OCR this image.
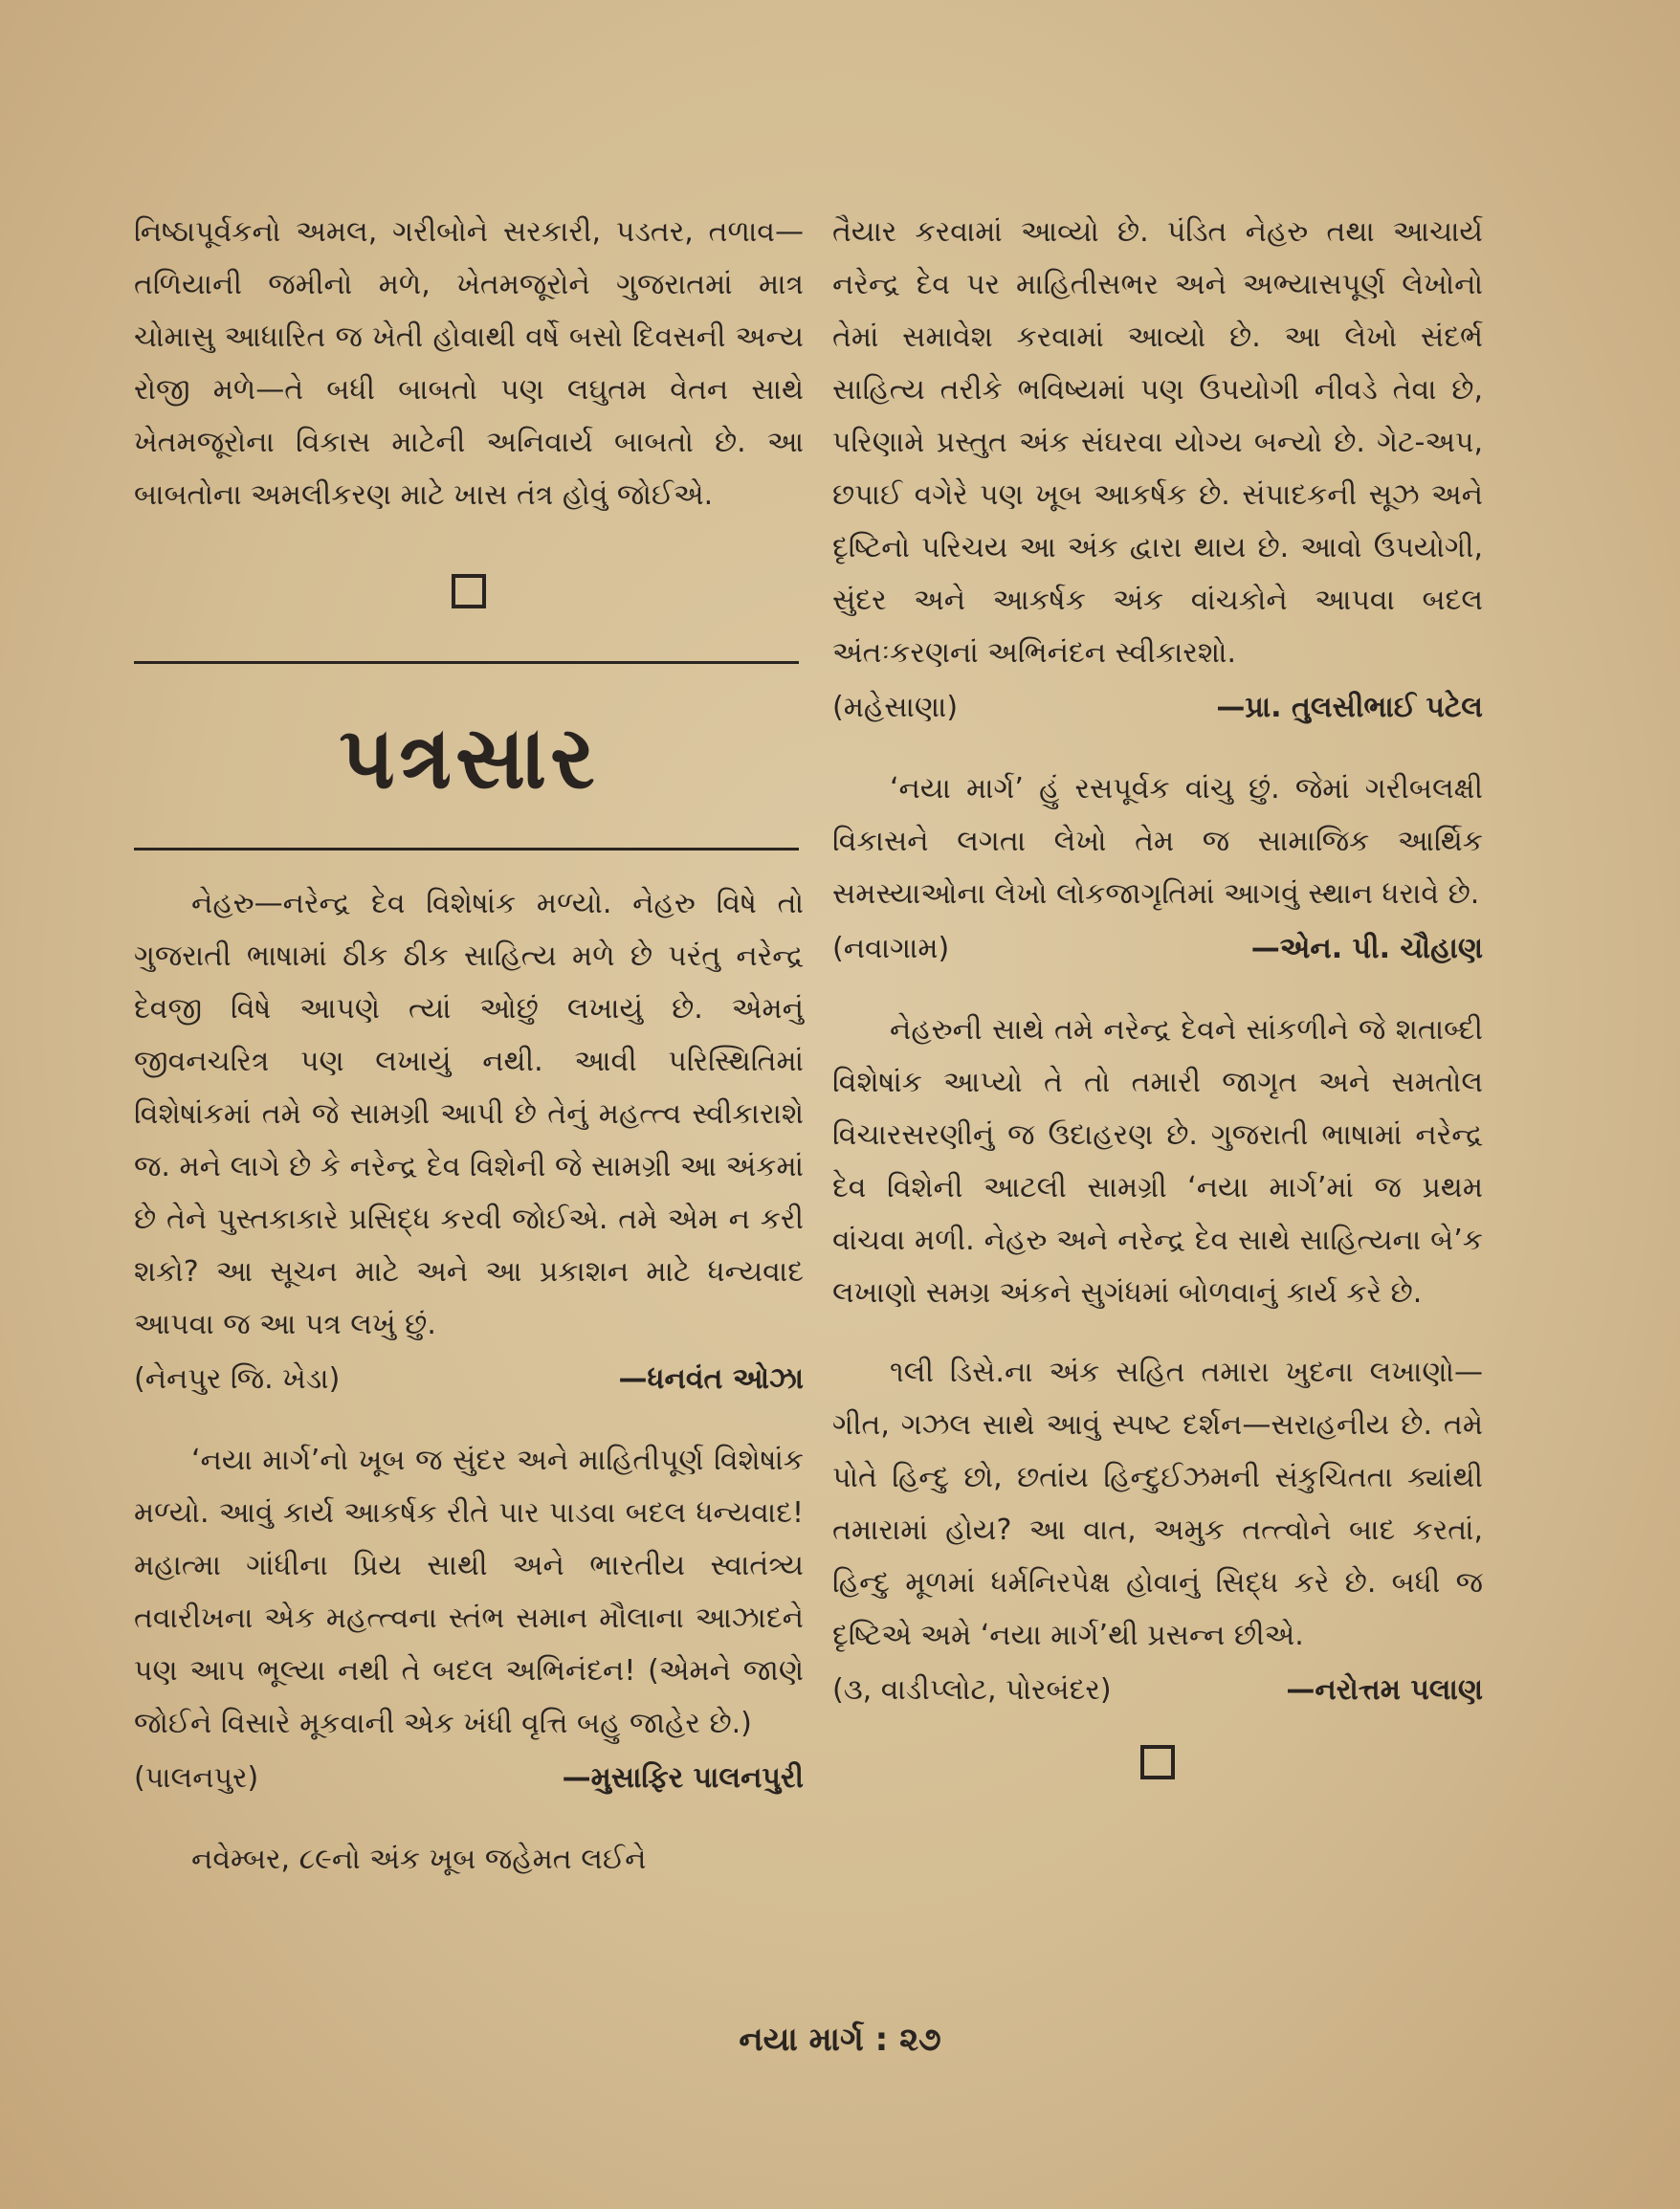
નિષ્ઠાપૂર્વકનો અમલ, ગરીબોને સરકારી, પડતર, તળાવ—તળિયાની જમીનો મળે, ખેતમજૂરોને ગુજરાતમાં માત્ર ચોમાસુ આધારિત જ ખેતી હોવાથી વર્ષે બસો દિવસની અન્ય રોજી મળે—તે બધી બાબતો પણ લઘુતમ વેતન સાથે ખેતમજૂરોના વિકાસ માટેની અનિવાર્ય બાબતો છે. આ બાબતોના અમલીકરણ માટે ખાસ તંત્ર હોવું જોઈએ.

પત્રસાર

નેહરુ—નરેન્દ્ર દેવ વિશેષાંક મળ્યો. નેહરુ વિષે તો ગુજરાતી ભાષામાં ઠીક ઠીક સાહિત્ય મળે છે પરંતુ નરેન્દ્ર દેવજી વિષે આપણે ત્યાં ઓછું લખાયું છે. એમનું જીવનચરિત્ર પણ લખાયું નથી. આવી પરિસ્થિતિમાં વિશેષાંકમાં તમે જે સામગ્રી આપી છે તેનું મહત્ત્વ સ્વીકારાશે જ. મને લાગે છે કે નરેન્દ્ર દેવ વિશેની જે સામગ્રી આ અંકમાં છે તેને પુસ્તકાકારે પ્રસિદ્ધ કરવી જોઈએ. તમે એમ ન કરી શકો? આ સૂચન માટે અને આ પ્રકાશન માટે ધન્યવાદ આપવા જ આ પત્ર લખું છું.

(નેનપુર જિ. ખેડા)	—ધનવંત ઓઝા

‘નયા માર્ગ’નો ખૂબ જ સુંદર અને માહિતીપૂર્ણ વિશેષાંક મળ્યો. આવું કાર્ય આકર્ષક રીતે પાર પાડવા બદલ ધન્યવાદ! મહાત્મા ગાંધીના પ્રિય સાથી અને ભારતીય સ્વાતંત્ર્ય તવારીખના એક મહત્ત્વના સ્તંભ સમાન મૌલાના આઝાદને પણ આપ ભૂલ્યા નથી તે બદલ અભિનંદન! (એમને જાણે જોઈને વિસારે મૂકવાની એક ખંધી વૃત્તિ બહુ જાહેર છે.)

(પાલનપુર)	—મુસાફિર પાલનપુરી

નવેમ્બર, ૮૯નો અંક ખૂબ જહેમત લઈને

તૈયાર કરવામાં આવ્યો છે. પંડિત નેહરુ તથા આચાર્ય નરેન્દ્ર દેવ પર માહિતીસભર અને અભ્યાસપૂર્ણ લેખોનો તેમાં સમાવેશ કરવામાં આવ્યો છે. આ લેખો સંદર્ભ સાહિત્ય તરીકે ભવિષ્યમાં પણ ઉપયોગી નીવડે તેવા છે, પરિણામે પ્રસ્તુત અંક સંઘરવા યોગ્ય બન્યો છે. ગેટ-અપ, છપાઈ વગેરે પણ ખૂબ આકર્ષક છે. સંપાદકની સૂઝ અને દૃષ્ટિનો પરિચય આ અંક દ્વારા થાય છે. આવો ઉપયોગી, સુંદર અને આકર્ષક અંક વાંચકોને આપવા બદલ અંતઃકરણનાં અભિનંદન સ્વીકારશો.

(મહેસાણા)	—પ્રા. તુલસીભાઈ પટેલ

‘નયા માર્ગ’ હું રસપૂર્વક વાંચુ છું. જેમાં ગરીબલક્ષી વિકાસને લગતા લેખો તેમ જ સામાજિક આર્થિક સમસ્યાઓના લેખો લોકજાગૃતિમાં આગવું સ્થાન ધરાવે છે.

(નવાગામ)	—એન. પી. ચૌહાણ

નેહરુની સાથે તમે નરેન્દ્ર દેવને સાંકળીને જે શતાબ્દી વિશેષાંક આપ્યો તે તો તમારી જાગૃત અને સમતોલ વિચારસરણીનું જ ઉદાહરણ છે. ગુજરાતી ભાષામાં નરેન્દ્ર દેવ વિશેની આટલી સામગ્રી ‘નયા માર્ગ’માં જ પ્રથમ વાંચવા મળી. નેહરુ અને નરેન્દ્ર દેવ સાથે સાહિત્યના બે’ક લખાણો સમગ્ર અંકને સુગંધમાં બોળવાનું કાર્ય કરે છે.

૧લી ડિસે.ના અંક સહિત તમારા ખુદના લખાણો—ગીત, ગઝલ સાથે આવું સ્પષ્ટ દર્શન—સરાહનીય છે. તમે પોતે હિન્દુ છો, છતાંય હિન્દુઈઝમની સંકુચિતતા ક્યાંથી તમારામાં હોય? આ વાત, અમુક તત્ત્વોને બાદ કરતાં, હિન્દુ મૂળમાં ધર્મનિરપેક્ષ હોવાનું સિદ્ધ કરે છે. બધી જ દૃષ્ટિએ અમે ‘નયા માર્ગ’થી પ્રસન્ન છીએ.

(૩, વાડીપ્લોટ, પોરબંદર)	—નરોત્તમ પલાણ
નયા માર્ગ : ૨૭
